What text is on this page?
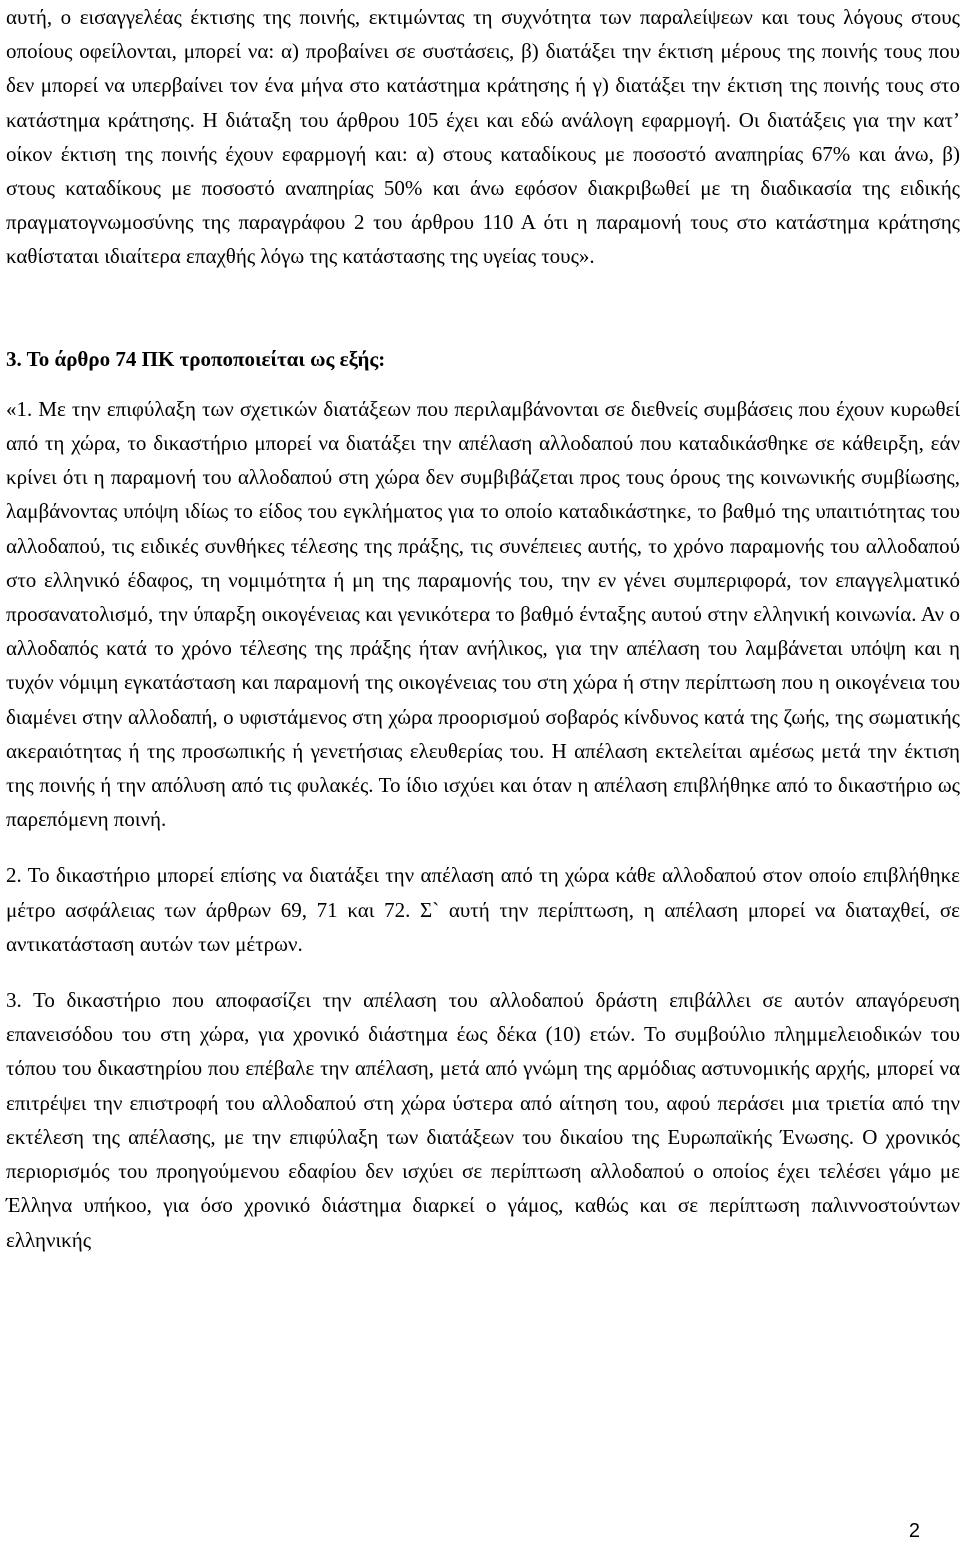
αυτή, ο εισαγγελέας έκτισης της ποινής, εκτιμώντας τη συχνότητα των παραλείψεων και τους λόγους στους οποίους οφείλονται, μπορεί να: α) προβαίνει σε συστάσεις, β) διατάξει την έκτιση μέρους της ποινής τους που δεν μπορεί να υπερβαίνει τον ένα μήνα στο κατάστημα κράτησης ή γ) διατάξει την έκτιση της ποινής τους στο κατάστημα κράτησης. Η διάταξη του άρθρου 105 έχει και εδώ ανάλογη εφαρμογή. Οι διατάξεις για την κατ’ οίκον έκτιση της ποινής έχουν εφαρμογή και: α) στους καταδίκους με ποσοστό αναπηρίας 67% και άνω, β) στους καταδίκους με ποσοστό αναπηρίας 50% και άνω εφόσον διακριβωθεί με τη διαδικασία της ειδικής πραγματογνωμοσύνης της παραγράφου 2 του άρθρου 110 Α ότι η παραμονή τους στο κατάστημα κράτησης καθίσταται ιδιαίτερα επαχθής λόγω της κατάστασης της υγείας τους».

3. Το άρθρο 74 ΠΚ τροποποιείται ως εξής:

«1. Με την επιφύλαξη των σχετικών διατάξεων που περιλαμβάνονται σε διεθνείς συμβάσεις που έχουν κυρωθεί από τη χώρα, το δικαστήριο μπορεί να διατάξει την απέλαση αλλοδαπού που καταδικάσθηκε σε κάθειρξη, εάν κρίνει ότι η παραμονή του αλλοδαπού στη χώρα δεν συμβιβάζεται προς τους όρους της κοινωνικής συμβίωσης, λαμβάνοντας υπόψη ιδίως το είδος του εγκλήματος για το οποίο καταδικάστηκε, το βαθμό της υπαιτιότητας του αλλοδαπού, τις ειδικές συνθήκες τέλεσης της πράξης, τις συνέπειες αυτής, το χρόνο παραμονής του αλλοδαπού στο ελληνικό έδαφος, τη νομιμότητα ή μη της παραμονής του, την εν γένει συμπεριφορά, τον επαγγελματικό προσανατολισμό, την ύπαρξη οικογένειας και γενικότερα το βαθμό ένταξης αυτού στην ελληνική κοινωνία. Αν ο αλλοδαπός κατά το χρόνο τέλεσης της πράξης ήταν ανήλικος, για την απέλαση του λαμβάνεται υπόψη και η τυχόν νόμιμη εγκατάσταση και παραμονή της οικογένειας του στη χώρα ή στην περίπτωση που η οικογένεια του διαμένει στην αλλοδαπή, ο υφιστάμενος στη χώρα προορισμού σοβαρός κίνδυνος κατά της ζωής, της σωματικής ακεραιότητας ή της προσωπικής ή γενετήσιας ελευθερίας του. Η απέλαση εκτελείται αμέσως μετά την έκτιση της ποινής ή την απόλυση από τις φυλακές. Το ίδιο ισχύει και όταν η απέλαση επιβλήθηκε από το δικαστήριο ως παρεπόμενη ποινή.

2. Το δικαστήριο μπορεί επίσης να διατάξει την απέλαση από τη χώρα κάθε αλλοδαπού στον οποίο επιβλήθηκε μέτρο ασφάλειας των άρθρων 69, 71 και 72. Σ` αυτή την περίπτωση, η απέλαση μπορεί να διαταχθεί, σε αντικατάσταση αυτών των μέτρων.

3. Το δικαστήριο που αποφασίζει την απέλαση του αλλοδαπού δράστη επιβάλλει σε αυτόν απαγόρευση επανεισόδου του στη χώρα, για χρονικό διάστημα έως δέκα (10) ετών. Το συμβούλιο πλημμελειοδικών του τόπου του δικαστηρίου που επέβαλε την απέλαση, μετά από γνώμη της αρμόδιας αστυνομικής αρχής, μπορεί να επιτρέψει την επιστροφή του αλλοδαπού στη χώρα ύστερα από αίτηση του, αφού περάσει μια τριετία από την εκτέλεση της απέλασης, με την επιφύλαξη των διατάξεων του δικαίου της Ευρωπαϊκής Ένωσης. Ο χρονικός περιορισμός του προηγούμενου εδαφίου δεν ισχύει σε περίπτωση αλλοδαπού ο οποίος έχει τελέσει γάμο με Έλληνα υπήκοο, για όσο χρονικό διάστημα διαρκεί ο γάμος, καθώς και σε περίπτωση παλιννοστούντων ελληνικής

2
